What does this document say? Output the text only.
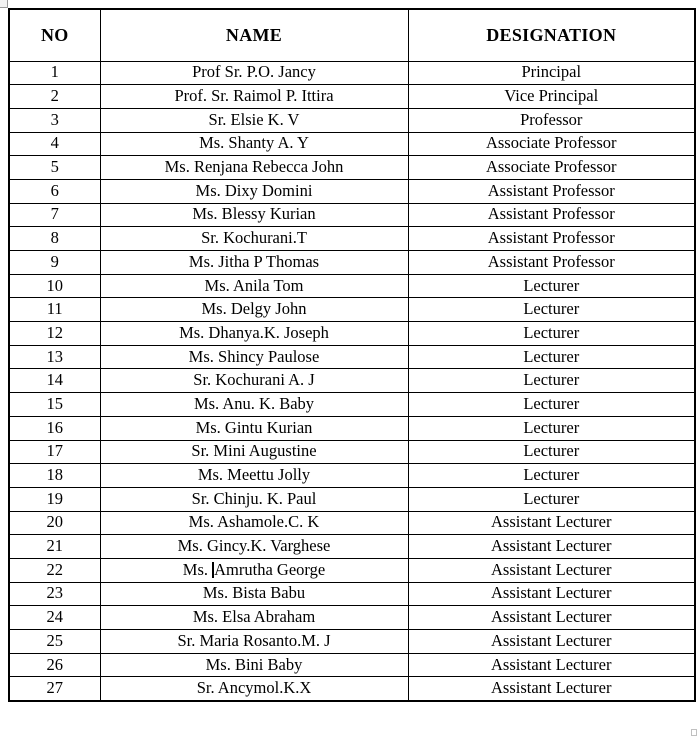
NO	NAME	DESIGNATION
1	Prof Sr. P.O. Jancy	Principal
2	Prof. Sr. Raimol P. Ittira	Vice Principal
3	Sr. Elsie K. V	Professor
4	Ms. Shanty A. Y	Associate Professor
5	Ms. Renjana Rebecca John	Associate Professor
6	Ms. Dixy Domini	Assistant Professor
7	Ms. Blessy Kurian	Assistant Professor
8	Sr. Kochurani.T	Assistant Professor
9	Ms. Jitha P Thomas	Assistant Professor
10	Ms. Anila Tom	Lecturer
11	Ms. Delgy John	Lecturer
12	Ms. Dhanya.K. Joseph	Lecturer
13	Ms. Shincy Paulose	Lecturer
14	Sr. Kochurani A. J	Lecturer
15	Ms. Anu. K. Baby	Lecturer
16	Ms. Gintu Kurian	Lecturer
17	Sr. Mini Augustine	Lecturer
18	Ms. Meettu Jolly	Lecturer
19	Sr. Chinju. K. Paul	Lecturer
20	Ms. Ashamole.C. K	Assistant Lecturer
21	Ms. Gincy.K. Varghese	Assistant Lecturer
22	Ms. Amrutha George	Assistant Lecturer
23	Ms. Bista Babu	Assistant Lecturer
24	Ms. Elsa Abraham	Assistant Lecturer
25	Sr. Maria Rosanto.M. J	Assistant Lecturer
26	Ms. Bini Baby	Assistant Lecturer
27	Sr. Ancymol.K.X	Assistant Lecturer
